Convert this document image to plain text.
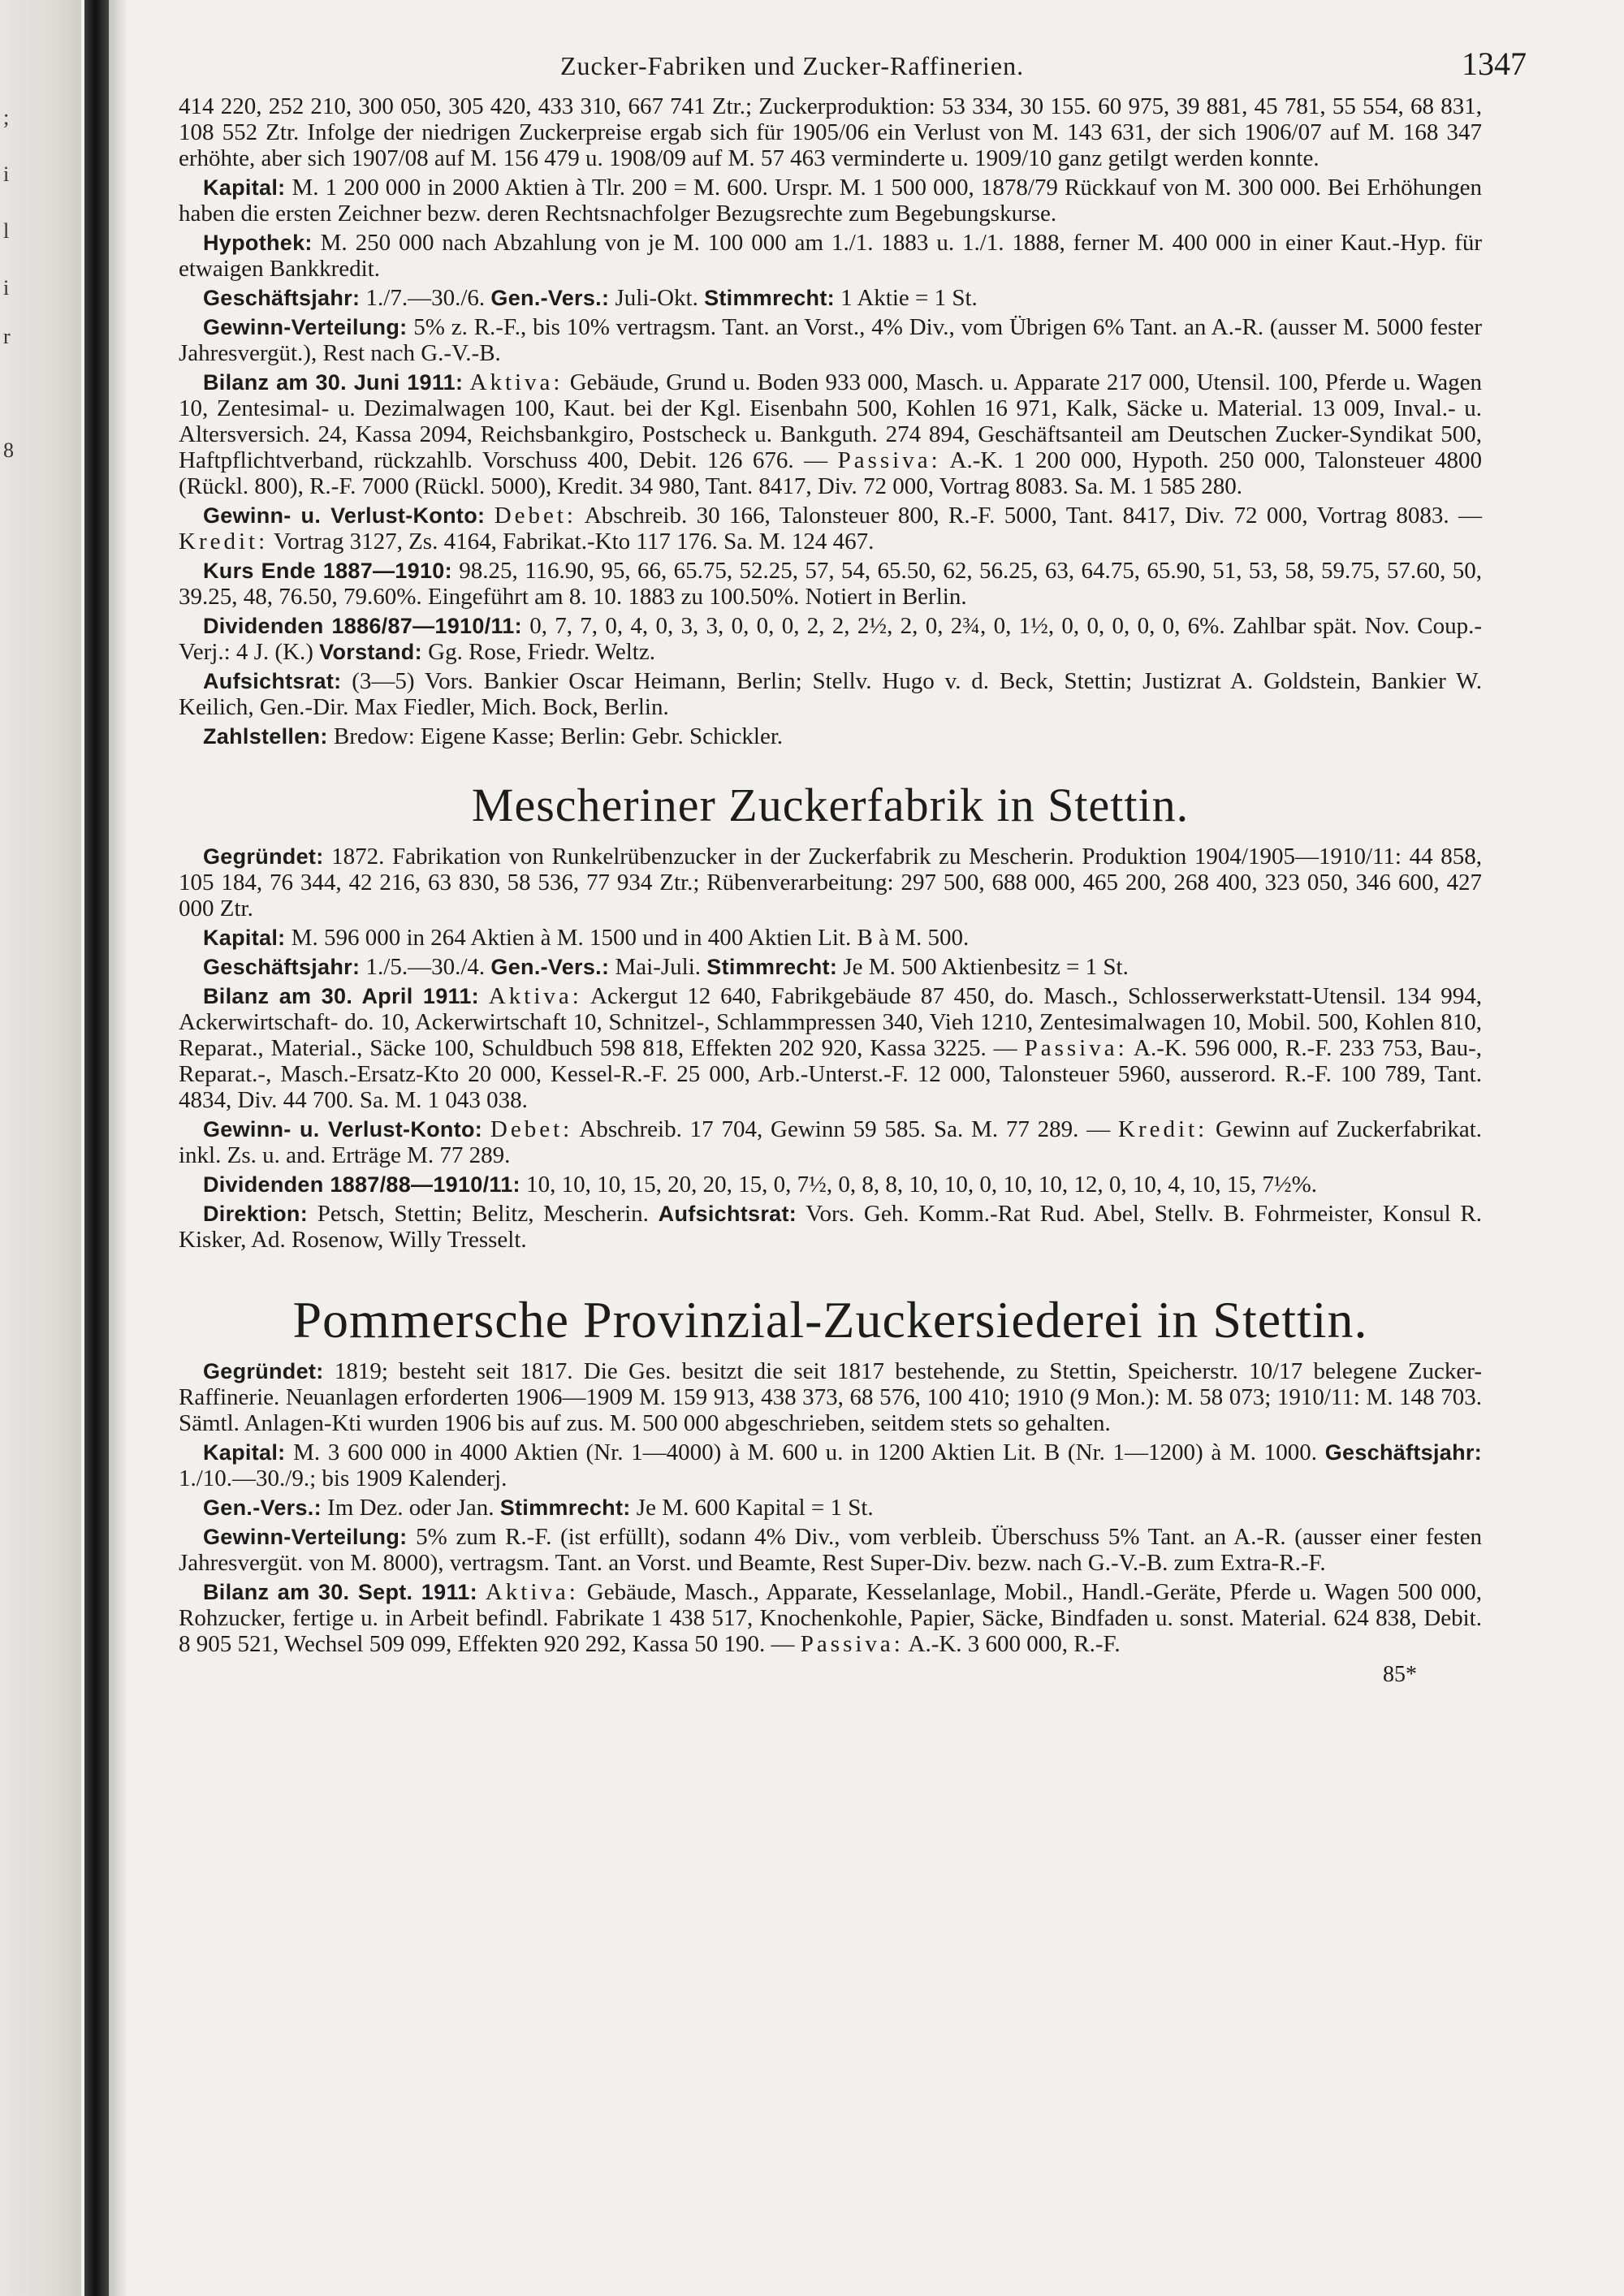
;
i
l
i
r
8
Zucker-Fabriken und Zucker-Raffinerien.	1347

414 220, 252 210, 300 050, 305 420, 433 310, 667 741 Ztr.; Zuckerproduktion: 53 334, 30 155. 60 975, 39 881, 45 781, 55 554, 68 831, 108 552 Ztr. Infolge der niedrigen Zuckerpreise ergab sich für 1905/06 ein Verlust von M. 143 631, der sich 1906/07 auf M. 168 347 erhöhte, aber sich 1907/08 auf M. 156 479 u. 1908/09 auf M. 57 463 verminderte u. 1909/10 ganz getilgt werden konnte.

Kapital: M. 1 200 000 in 2000 Aktien à Tlr. 200 = M. 600. Urspr. M. 1 500 000, 1878/79 Rückkauf von M. 300 000. Bei Erhöhungen haben die ersten Zeichner bezw. deren Rechtsnachfolger Bezugsrechte zum Begebungskurse.

Hypothek: M. 250 000 nach Abzahlung von je M. 100 000 am 1./1. 1883 u. 1./1. 1888, ferner M. 400 000 in einer Kaut.-Hyp. für etwaigen Bankkredit.

Geschäftsjahr: 1./7.—30./6. Gen.-Vers.: Juli-Okt. Stimmrecht: 1 Aktie = 1 St.

Gewinn-Verteilung: 5% z. R.-F., bis 10% vertragsm. Tant. an Vorst., 4% Div., vom Übrigen 6% Tant. an A.-R. (ausser M. 5000 fester Jahresvergüt.), Rest nach G.-V.-B.

Bilanz am 30. Juni 1911: Aktiva: Gebäude, Grund u. Boden 933 000, Masch. u. Apparate 217 000, Utensil. 100, Pferde u. Wagen 10, Zentesimal- u. Dezimalwagen 100, Kaut. bei der Kgl. Eisenbahn 500, Kohlen 16 971, Kalk, Säcke u. Material. 13 009, Inval.- u. Altersversich. 24, Kassa 2094, Reichsbankgiro, Postscheck u. Bankguth. 274 894, Geschäftsanteil am Deutschen Zucker-Syndikat 500, Haftpflichtverband, rückzahlb. Vorschuss 400, Debit. 126 676. — Passiva: A.-K. 1 200 000, Hypoth. 250 000, Talonsteuer 4800 (Rückl. 800), R.-F. 7000 (Rückl. 5000), Kredit. 34 980, Tant. 8417, Div. 72 000, Vortrag 8083. Sa. M. 1 585 280.

Gewinn- u. Verlust-Konto: Debet: Abschreib. 30 166, Talonsteuer 800, R.-F. 5000, Tant. 8417, Div. 72 000, Vortrag 8083. — Kredit: Vortrag 3127, Zs. 4164, Fabrikat.-Kto 117 176. Sa. M. 124 467.

Kurs Ende 1887—1910: 98.25, 116.90, 95, 66, 65.75, 52.25, 57, 54, 65.50, 62, 56.25, 63, 64.75, 65.90, 51, 53, 58, 59.75, 57.60, 50, 39.25, 48, 76.50, 79.60%. Eingeführt am 8. 10. 1883 zu 100.50%. Notiert in Berlin.

Dividenden 1886/87—1910/11: 0, 7, 7, 0, 4, 0, 3, 3, 0, 0, 0, 2, 2, 2½, 2, 0, 2¾, 0, 1½, 0, 0, 0, 0, 0, 6%. Zahlbar spät. Nov. Coup.-Verj.: 4 J. (K.) Vorstand: Gg. Rose, Friedr. Weltz.

Aufsichtsrat: (3—5) Vors. Bankier Oscar Heimann, Berlin; Stellv. Hugo v. d. Beck, Stettin; Justizrat A. Goldstein, Bankier W. Keilich, Gen.-Dir. Max Fiedler, Mich. Bock, Berlin.

Zahlstellen: Bredow: Eigene Kasse; Berlin: Gebr. Schickler.

Mescheriner Zuckerfabrik in Stettin.

Gegründet: 1872. Fabrikation von Runkelrübenzucker in der Zuckerfabrik zu Mescherin. Produktion 1904/1905—1910/11: 44 858, 105 184, 76 344, 42 216, 63 830, 58 536, 77 934 Ztr.; Rübenverarbeitung: 297 500, 688 000, 465 200, 268 400, 323 050, 346 600, 427 000 Ztr.

Kapital: M. 596 000 in 264 Aktien à M. 1500 und in 400 Aktien Lit. B à M. 500.

Geschäftsjahr: 1./5.—30./4. Gen.-Vers.: Mai-Juli. Stimmrecht: Je M. 500 Aktienbesitz = 1 St.

Bilanz am 30. April 1911: Aktiva: Ackergut 12 640, Fabrikgebäude 87 450, do. Masch., Schlosserwerkstatt-Utensil. 134 994, Ackerwirtschaft- do. 10, Ackerwirtschaft 10, Schnitzel-, Schlammpressen 340, Vieh 1210, Zentesimalwagen 10, Mobil. 500, Kohlen 810, Reparat., Material., Säcke 100, Schuldbuch 598 818, Effekten 202 920, Kassa 3225. — Passiva: A.-K. 596 000, R.-F. 233 753, Bau-, Reparat.-, Masch.-Ersatz-Kto 20 000, Kessel-R.-F. 25 000, Arb.-Unterst.-F. 12 000, Talonsteuer 5960, ausserord. R.-F. 100 789, Tant. 4834, Div. 44 700. Sa. M. 1 043 038.

Gewinn- u. Verlust-Konto: Debet: Abschreib. 17 704, Gewinn 59 585. Sa. M. 77 289. — Kredit: Gewinn auf Zuckerfabrikat. inkl. Zs. u. and. Erträge M. 77 289.

Dividenden 1887/88—1910/11: 10, 10, 10, 15, 20, 20, 15, 0, 7½, 0, 8, 8, 10, 10, 0, 10, 10, 12, 0, 10, 4, 10, 15, 7½%.

Direktion: Petsch, Stettin; Belitz, Mescherin. Aufsichtsrat: Vors. Geh. Komm.-Rat Rud. Abel, Stellv. B. Fohrmeister, Konsul R. Kisker, Ad. Rosenow, Willy Tresselt.

Pommersche Provinzial-Zuckersiederei in Stettin.

Gegründet: 1819; besteht seit 1817. Die Ges. besitzt die seit 1817 bestehende, zu Stettin, Speicherstr. 10/17 belegene Zucker-Raffinerie. Neuanlagen erforderten 1906—1909 M. 159 913, 438 373, 68 576, 100 410; 1910 (9 Mon.): M. 58 073; 1910/11: M. 148 703. Sämtl. Anlagen-Kti wurden 1906 bis auf zus. M. 500 000 abgeschrieben, seitdem stets so gehalten.

Kapital: M. 3 600 000 in 4000 Aktien (Nr. 1—4000) à M. 600 u. in 1200 Aktien Lit. B (Nr. 1—1200) à M. 1000. Geschäftsjahr: 1./10.—30./9.; bis 1909 Kalenderj.

Gen.-Vers.: Im Dez. oder Jan. Stimmrecht: Je M. 600 Kapital = 1 St.

Gewinn-Verteilung: 5% zum R.-F. (ist erfüllt), sodann 4% Div., vom verbleib. Überschuss 5% Tant. an A.-R. (ausser einer festen Jahresvergüt. von M. 8000), vertragsm. Tant. an Vorst. und Beamte, Rest Super-Div. bezw. nach G.-V.-B. zum Extra-R.-F.

Bilanz am 30. Sept. 1911: Aktiva: Gebäude, Masch., Apparate, Kesselanlage, Mobil., Handl.-Geräte, Pferde u. Wagen 500 000, Rohzucker, fertige u. in Arbeit befindl. Fabrikate 1 438 517, Knochenkohle, Papier, Säcke, Bindfaden u. sonst. Material. 624 838, Debit. 8 905 521, Wechsel 509 099, Effekten 920 292, Kassa 50 190. — Passiva: A.-K. 3 600 000, R.-F.

85*
